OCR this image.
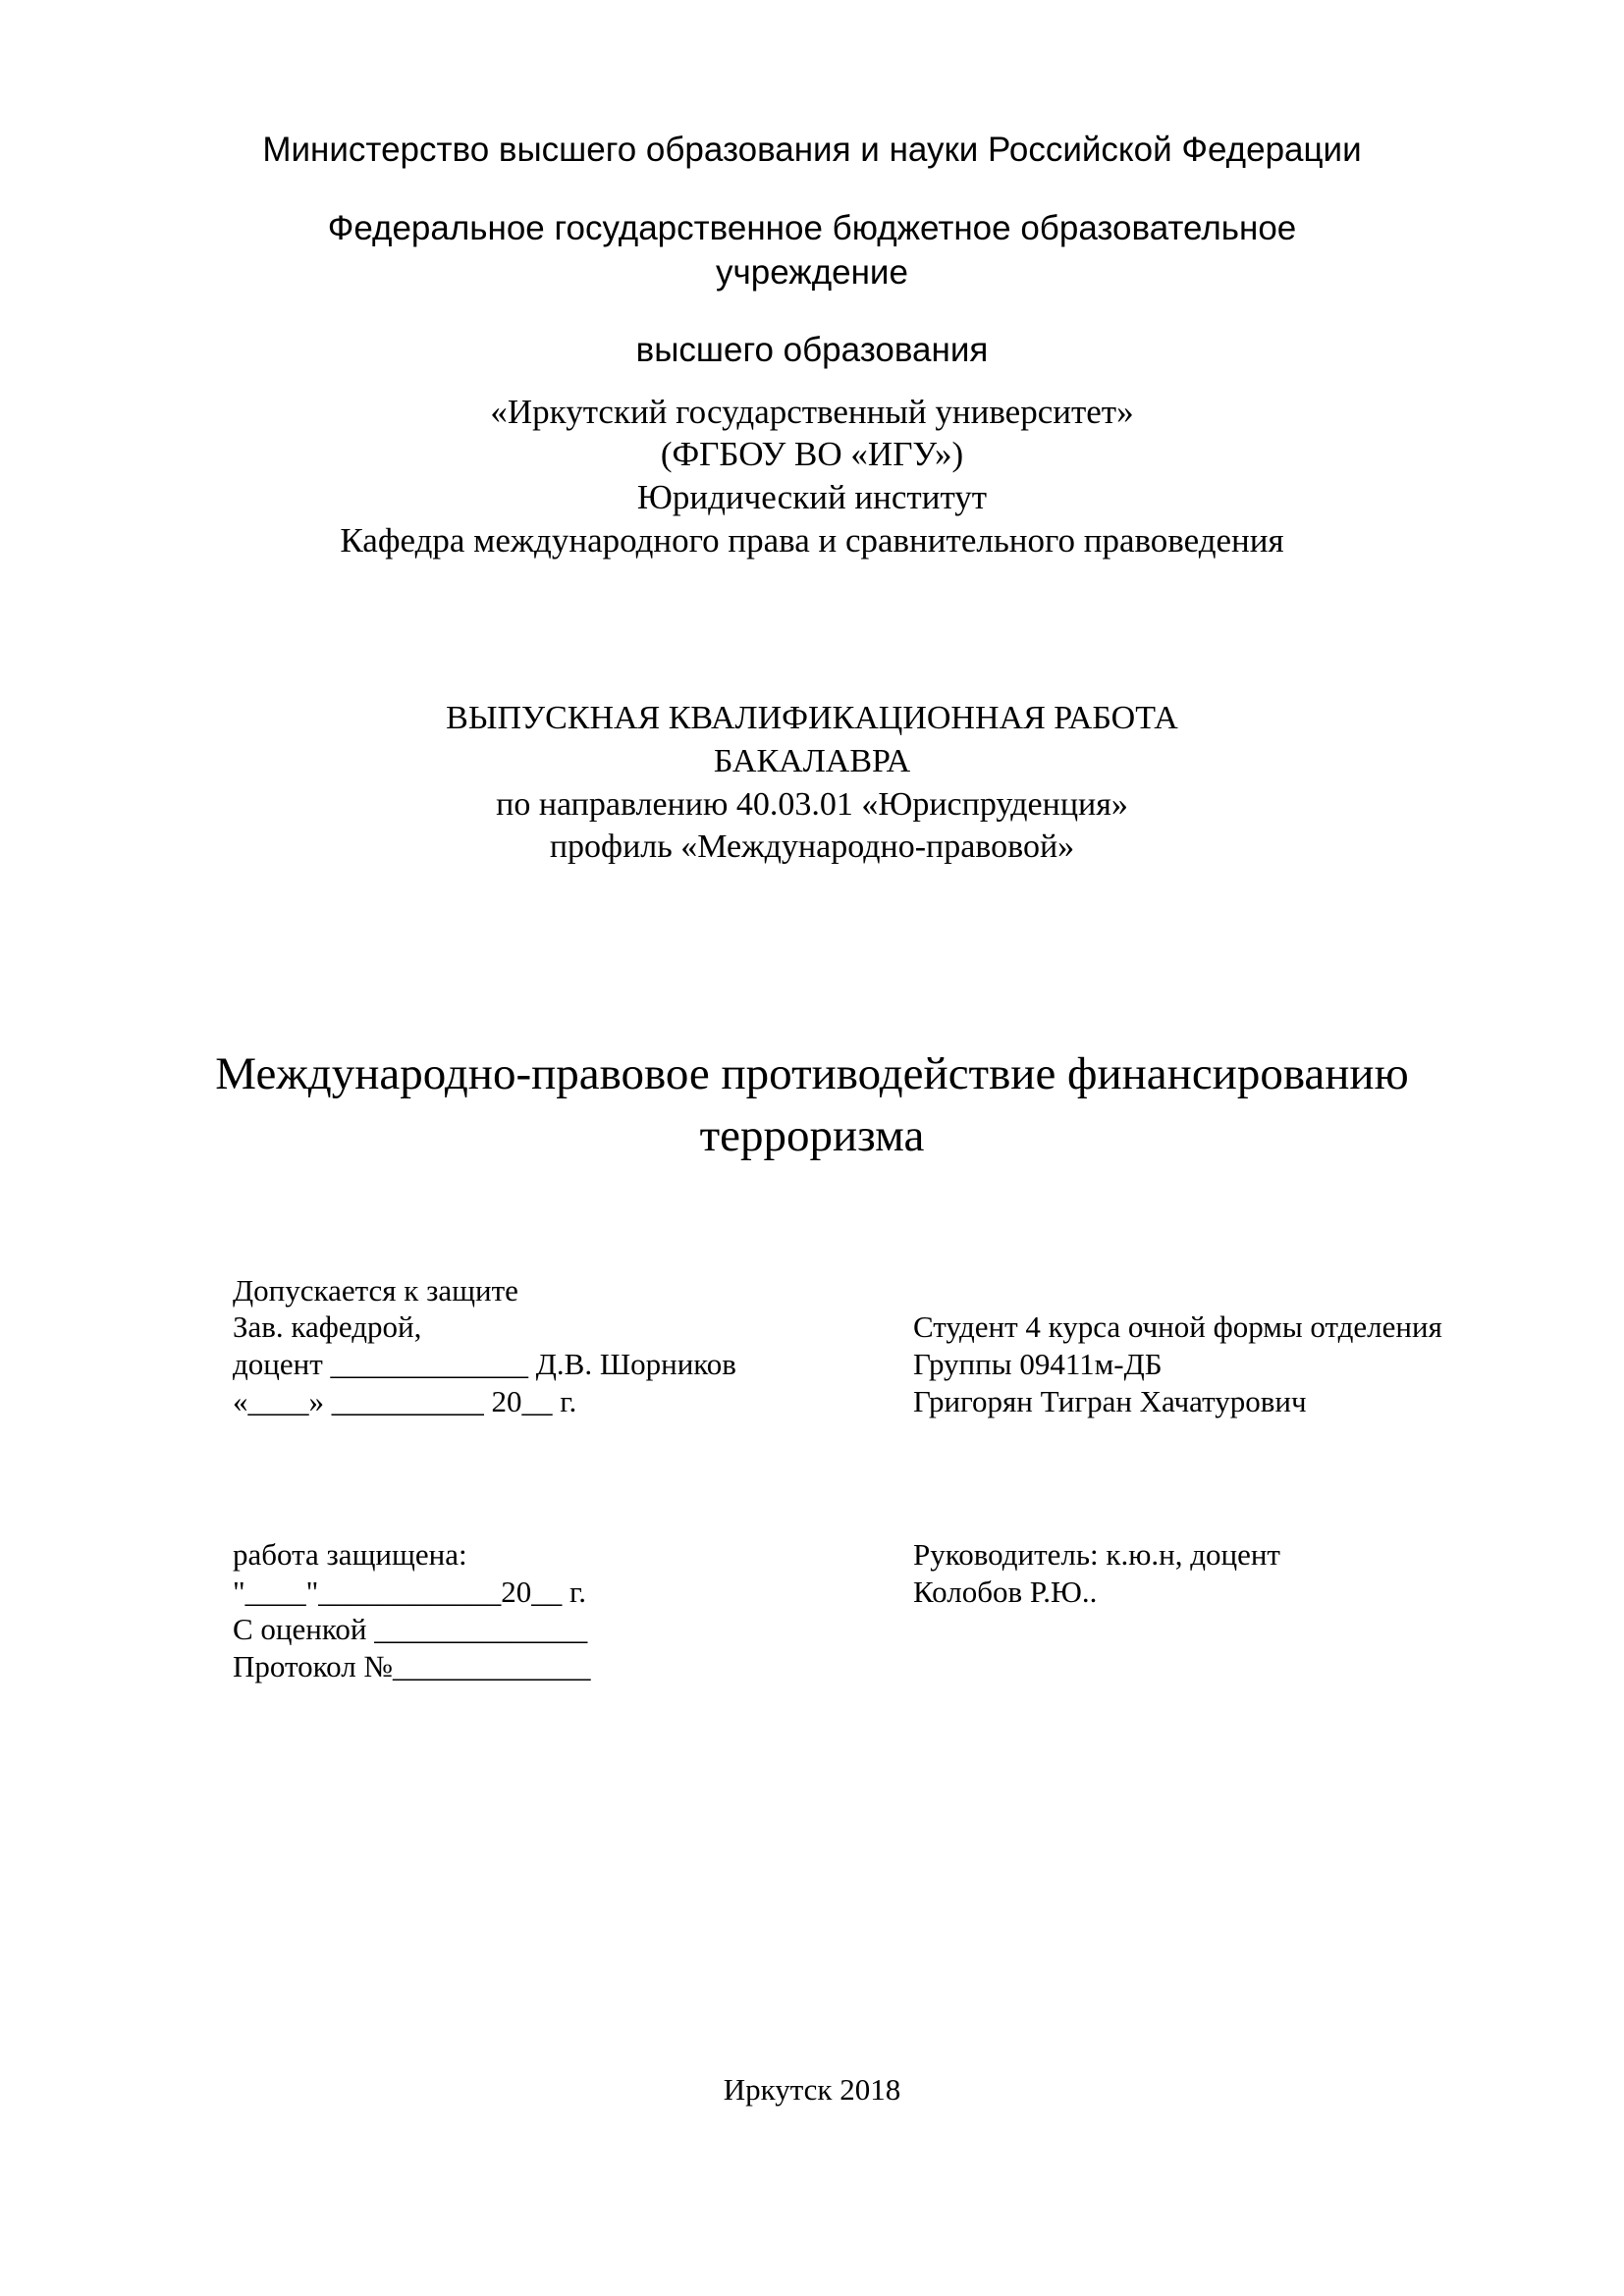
Министерство высшего образования и науки Российской Федерации
Федеральное государственное бюджетное образовательное
учреждение
высшего образования
«Иркутский государственный университет»
(ФГБОУ ВО «ИГУ»)
Юридический институт
Кафедра международного права и сравнительного правоведения
ВЫПУСКНАЯ КВАЛИФИКАЦИОННАЯ РАБОТА
БАКАЛАВРА
по направлению 40.03.01 «Юриспруденция»
профиль «Международно-правовой»
Международно-правовое противодействие финансированию
терроризма
Допускается к защите
Зав. кафедрой,
доцент _____________ Д.В. Шорников
«____» __________ 20__ г.
Студент 4 курса очной формы отделения
Группы 09411м-ДБ
Григорян Тигран Хачатурович
работа защищена:
"____"____________20__ г.
С оценкой ______________
Протокол №_____________
Руководитель: к.ю.н, доцент
Колобов Р.Ю..
Иркутск 2018
